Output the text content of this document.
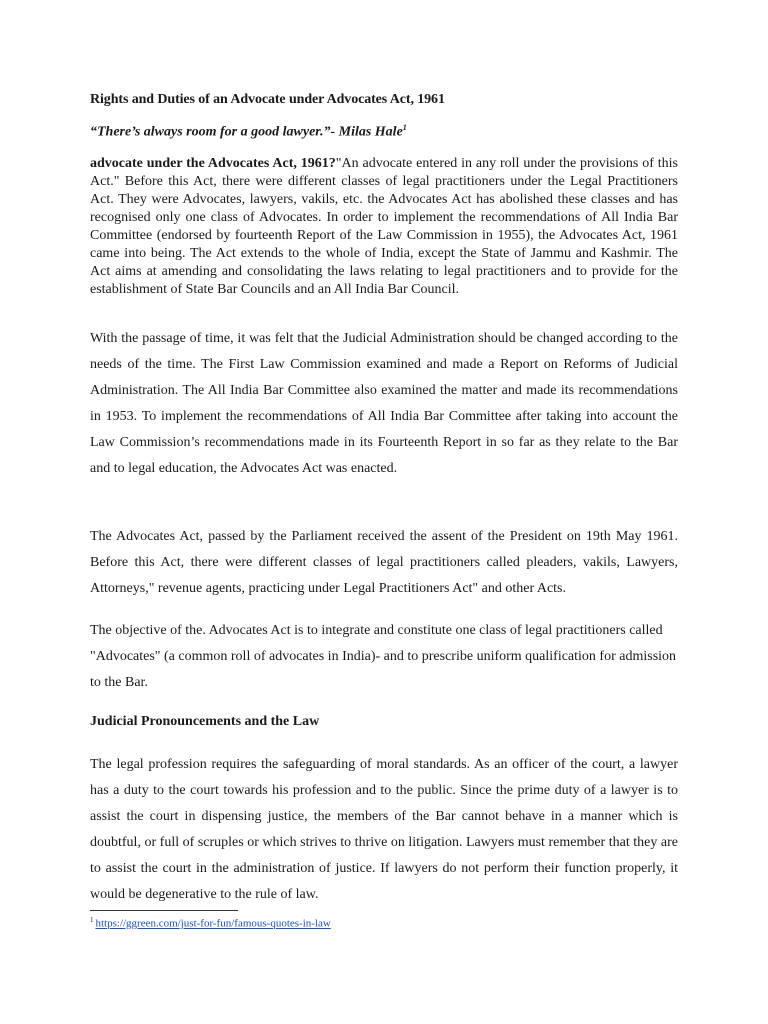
Rights and Duties of an Advocate under Advocates Act, 1961
“There’s always room for a good lawyer.”- Milas Hale$^1$

advocate under the Advocates Act, 1961?"An advocate entered in any roll under the provisions of this Act." Before this Act, there were different classes of legal practitioners under the Legal Practitioners Act. They were Advocates, lawyers, vakils, etc. the Advocates Act has abolished these classes and has recognised only one class of Advocates. In order to implement the recommendations of All India Bar Committee (endorsed by fourteenth Report of the Law Commission in 1955), the Advocates Act, 1961 came into being. The Act extends to the whole of India, except the State of Jammu and Kashmir. The Act aims at amending and consolidating the laws relating to legal practitioners and to provide for the establishment of State Bar Councils and an All India Bar Council.

With the passage of time, it was felt that the Judicial Administration should be changed according to the needs of the time. The First Law Commission examined and made a Report on Reforms of Judicial Administration. The All India Bar Committee also examined the matter and made its recommendations in 1953. To implement the recommendations of All India Bar Committee after taking into account the Law Commission’s recommendations made in its Fourteenth Report in so far as they relate to the Bar and to legal education, the Advocates Act was enacted.

The Advocates Act, passed by the Parliament received the assent of the President on 19th May 1961. Before this Act, there were different classes of legal practitioners called pleaders, vakils, Lawyers, Attorneys," revenue agents, practicing under Legal Practitioners Act" and other Acts.

The objective of the. Advocates Act is to integrate and constitute one class of legal practitioners called "Advocates" (a common roll of advocates in India)- and to prescribe uniform qualification for admission to the Bar.

Judicial Pronouncements and the Law

The legal profession requires the safeguarding of moral standards. As an officer of the court, a lawyer has a duty to the court towards his profession and to the public. Since the prime duty of a lawyer is to assist the court in dispensing justice, the members of the Bar cannot behave in a manner which is doubtful, or full of scruples or which strives to thrive on litigation. Lawyers must remember that they are to assist the court in the administration of justice. If lawyers do not perform their function properly, it would be degenerative to the rule of law.

$^1$ https://ggreen.com/just-for-fun/famous-quotes-in-law
